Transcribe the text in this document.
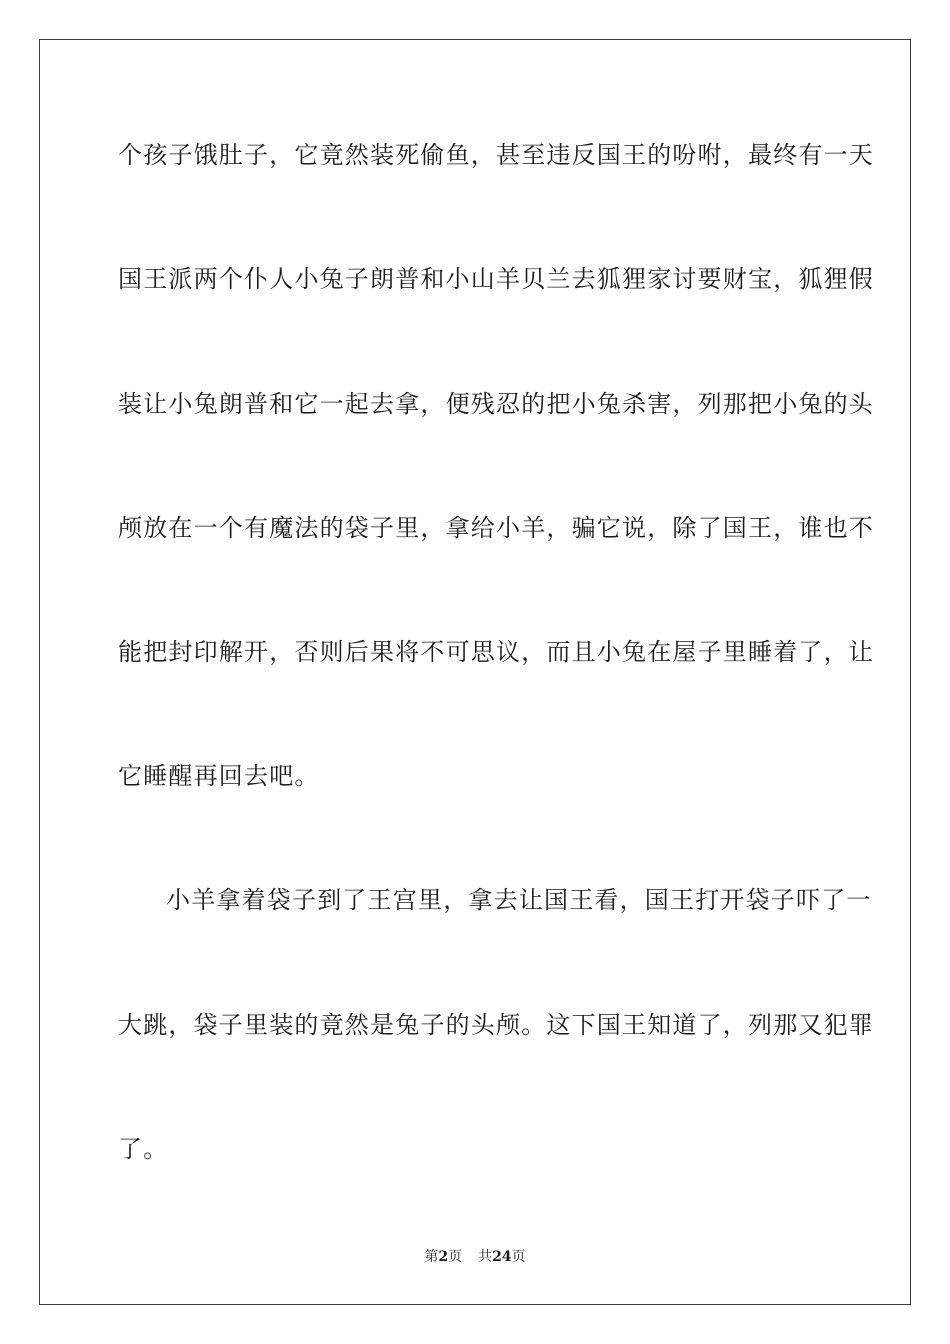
个孩子饿肚子，它竟然装死偷鱼，甚至违反国王的吩咐，最终有一天
国王派两个仆人小兔子朗普和小山羊贝兰去狐狸家讨要财宝，狐狸假
装让小兔朗普和它一起去拿，便残忍的把小兔杀害，列那把小兔的头
颅放在一个有魔法的袋子里，拿给小羊，骗它说，除了国王，谁也不
能把封印解开，否则后果将不可思议，而且小兔在屋子里睡着了，让
它睡醒再回去吧。
小羊拿着袋子到了王宫里，拿去让国王看，国王打开袋子吓了一
大跳，袋子里装的竟然是兔子的头颅。这下国王知道了，列那又犯罪
了。
第2页 共24页
